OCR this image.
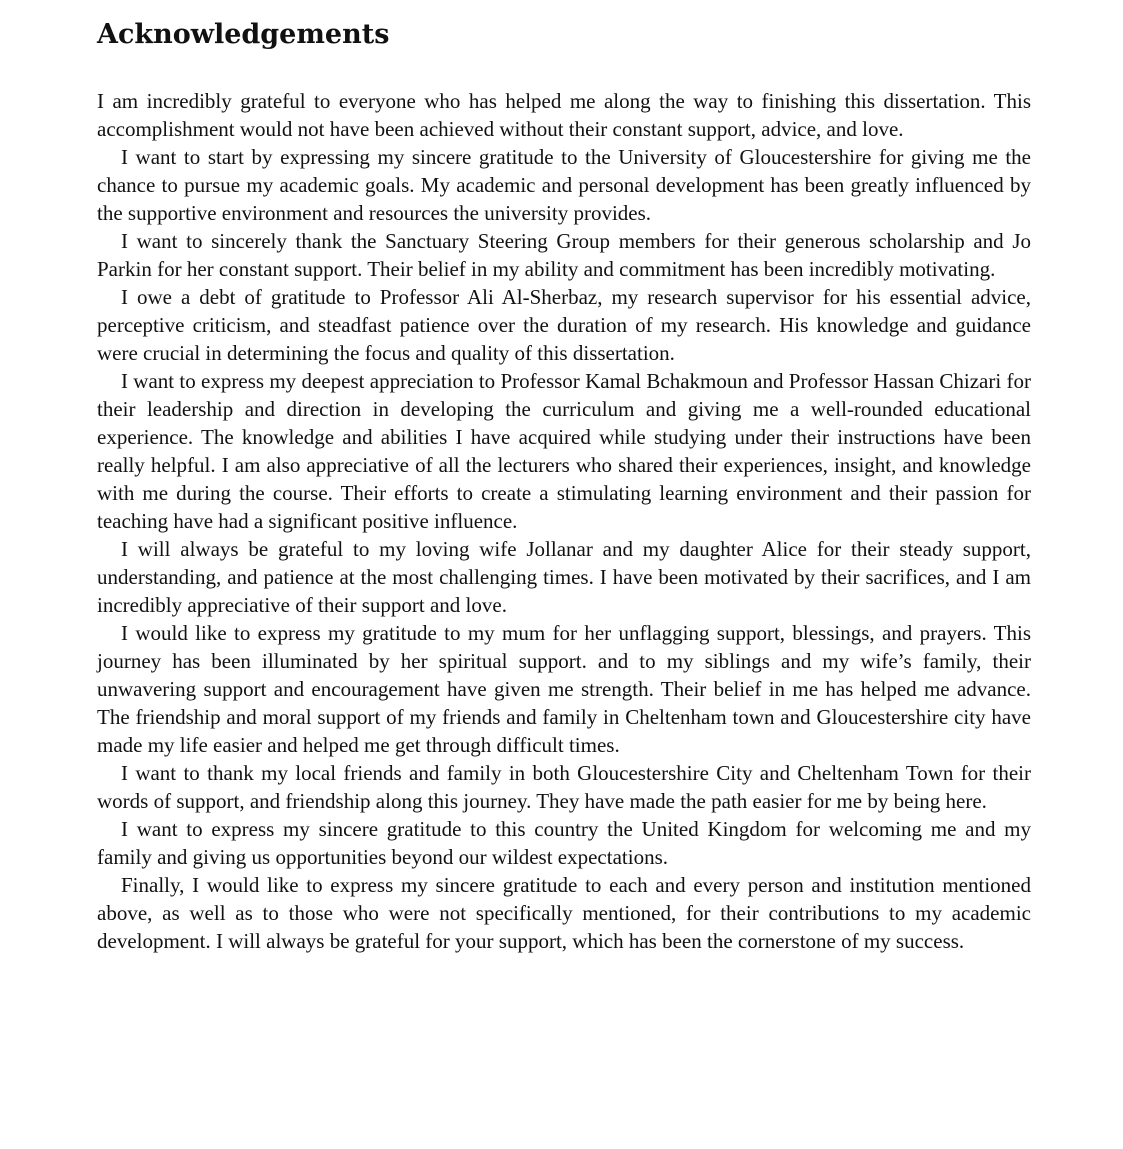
Acknowledgements

I am incredibly grateful to everyone who has helped me along the way to finishing this dissertation. This accomplishment would not have been achieved without their constant support, advice, and love.

I want to start by expressing my sincere gratitude to the University of Gloucestershire for giving me the chance to pursue my academic goals. My academic and personal development has been greatly influenced by the supportive environment and resources the university provides.

I want to sincerely thank the Sanctuary Steering Group members for their generous scholarship and Jo Parkin for her constant support. Their belief in my ability and commitment has been incredibly motivating.

I owe a debt of gratitude to Professor Ali Al-Sherbaz, my research supervisor for his essential advice, perceptive criticism, and steadfast patience over the duration of my research. His knowledge and guidance were crucial in determining the focus and quality of this dissertation.

I want to express my deepest appreciation to Professor Kamal Bchakmoun and Professor Hassan Chizari for their leadership and direction in developing the curriculum and giving me a well-rounded educational experience. The knowledge and abilities I have acquired while studying under their instructions have been really helpful. I am also appreciative of all the lecturers who shared their experiences, insight, and knowledge with me during the course. Their efforts to create a stimulating learning environment and their passion for teaching have had a significant positive influence.

I will always be grateful to my loving wife Jollanar and my daughter Alice for their steady support, understanding, and patience at the most challenging times. I have been motivated by their sacrifices, and I am incredibly appreciative of their support and love.

I would like to express my gratitude to my mum for her unflagging support, blessings, and prayers. This journey has been illuminated by her spiritual support. and to my siblings and my wife’s family, their unwavering support and encouragement have given me strength. Their belief in me has helped me advance. The friendship and moral support of my friends and family in Cheltenham town and Gloucestershire city have made my life easier and helped me get through difficult times.

I want to thank my local friends and family in both Gloucestershire City and Cheltenham Town for their words of support, and friendship along this journey. They have made the path easier for me by being here.

I want to express my sincere gratitude to this country the United Kingdom for welcoming me and my family and giving us opportunities beyond our wildest expectations.

Finally, I would like to express my sincere gratitude to each and every person and institution mentioned above, as well as to those who were not specifically mentioned, for their contributions to my academic development. I will always be grateful for your support, which has been the cornerstone of my success.
